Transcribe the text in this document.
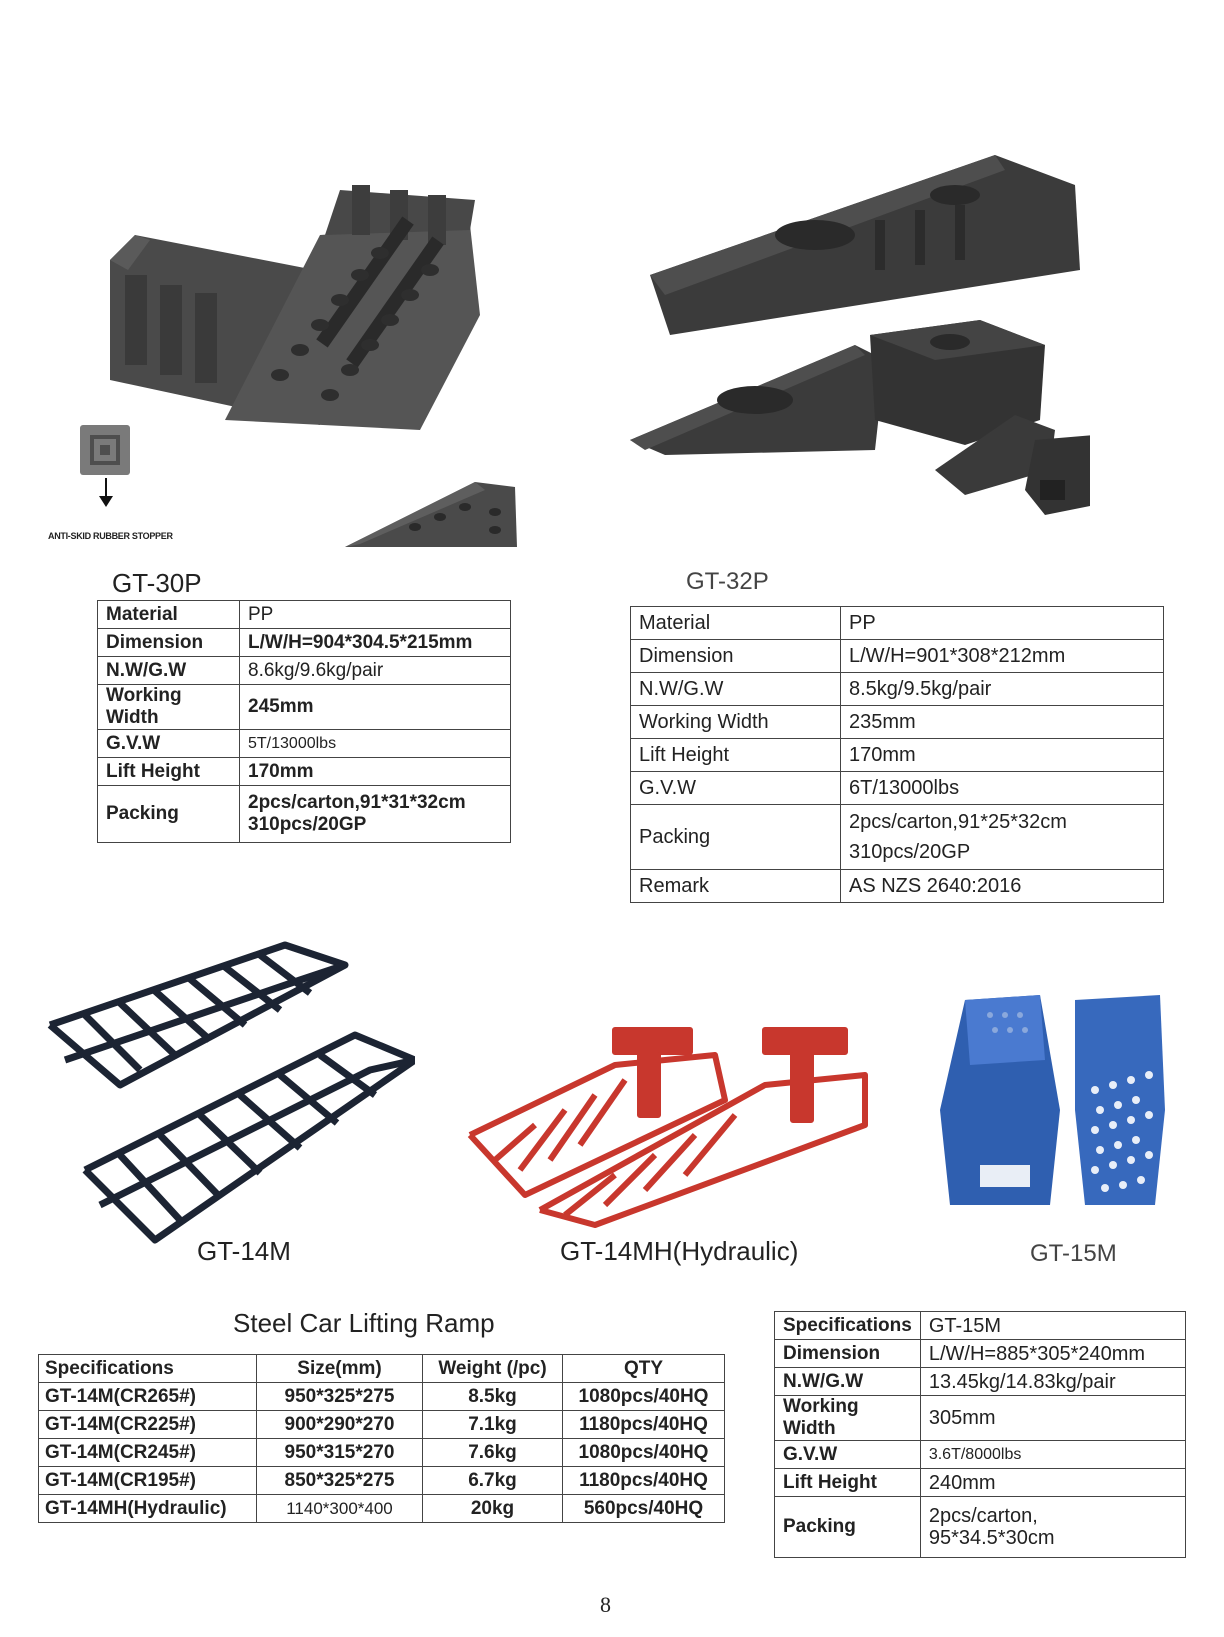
ANTI-SKID RUBBER STOPPER
GT-30P
Material	PP
Dimension	L/W/H=904*304.5*215mm
N.W/G.W	8.6kg/9.6kg/pair
Working Width	245mm
G.V.W	5T/13000lbs
Lift Height	170mm
Packing	2pcs/carton,91*31*32cm
310pcs/20GP
GT-32P
Material	PP
Dimension	L/W/H=901*308*212mm
N.W/G.W	8.5kg/9.5kg/pair
Working Width	235mm
Lift Height	170mm
G.V.W	6T/13000lbs
Packing	2pcs/carton,91*25*32cm
310pcs/20GP

Remark	AS NZS 2640:2016
GT-14M	GT-14MH(Hydraulic)	GT-15M
Steel Car Lifting Ramp
Specifications	Size(mm)	Weight (/pc)	QTY
GT-14M(CR265#)	950*325*275	8.5kg	1080pcs/40HQ
GT-14M(CR225#)	900*290*270	7.1kg	1180pcs/40HQ
GT-14M(CR245#)	950*315*270	7.6kg	1080pcs/40HQ
GT-14M(CR195#)	850*325*275	6.7kg	1180pcs/40HQ
GT-14MH(Hydraulic)	1140*300*400	20kg	560pcs/40HQ
Specifications	GT-15M
Dimension	L/W/H=885*305*240mm
N.W/G.W	13.45kg/14.83kg/pair
Working Width	305mm
G.V.W	3.6T/8000lbs
Lift Height	240mm
Packing	2pcs/carton,
95*34.5*30cm
8
